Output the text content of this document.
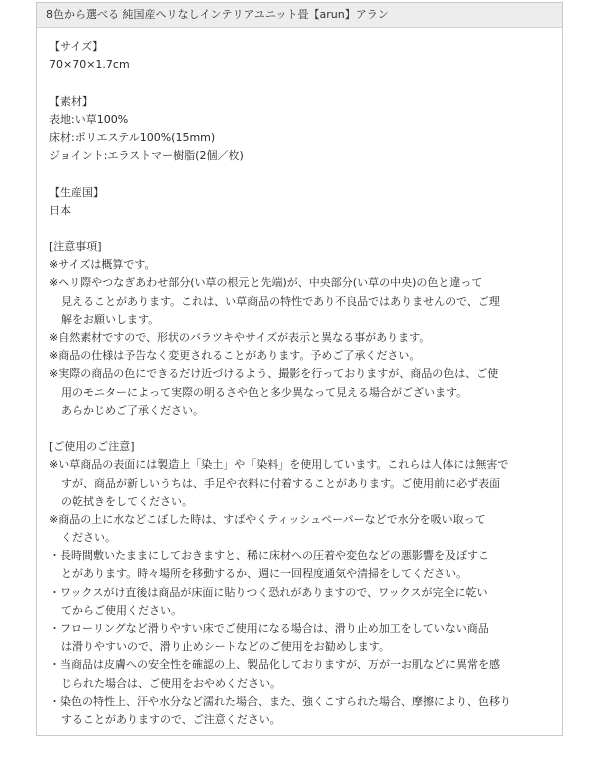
8色から選べる 純国産ヘリなしインテリアユニット畳【arun】アラン
【サイズ】
70×70×1.7cm
【素材】
表地:い草100%
床材:ポリエステル100%(15mm)
ジョイント:エラストマー樹脂(2個／枚)
【生産国】
日本
[注意事項]
※サイズは概算です。
※ヘリ際やつなぎあわせ部分(い草の根元と先端)が、中央部分(い草の中央)の色と違って
見えることがあります。これは、い草商品の特性であり不良品ではありませんので、ご理
解をお願いします。
※自然素材ですので、形状のバラツキやサイズが表示と異なる事があります。
※商品の仕様は予告なく変更されることがあります。予めご了承ください。
※実際の商品の色にできるだけ近づけるよう、撮影を行っておりますが、商品の色は、ご使
用のモニターによって実際の明るさや色と多少異なって見える場合がございます。
あらかじめご了承ください。
[ご使用のご注意]
※い草商品の表面には製造上「染土」や「染料」を使用しています。これらは人体には無害で
すが、商品が新しいうちは、手足や衣料に付着することがあります。ご使用前に必ず表面
の乾拭きをしてください。
※商品の上に水などこぼした時は、すばやくティッシュペーパーなどで水分を吸い取って
ください。
・長時間敷いたままにしておきますと、稀に床材への圧着や変色などの悪影響を及ぼすこ
とがあります。時々場所を移動するか、週に一回程度通気や清掃をしてください。
・ワックスがけ直後は商品が床面に貼りつく恐れがありますので、ワックスが完全に乾い
てからご使用ください。
・フローリングなど滑りやすい床でご使用になる場合は、滑り止め加工をしていない商品
は滑りやすいので、滑り止めシートなどのご使用をお勧めします。
・当商品は皮膚への安全性を確認の上、製品化しておりますが、万が一お肌などに異常を感
じられた場合は、ご使用をおやめください。
・染色の特性上、汗や水分など濡れた場合、また、強くこすられた場合、摩擦により、色移り
することがありますので、ご注意ください。
